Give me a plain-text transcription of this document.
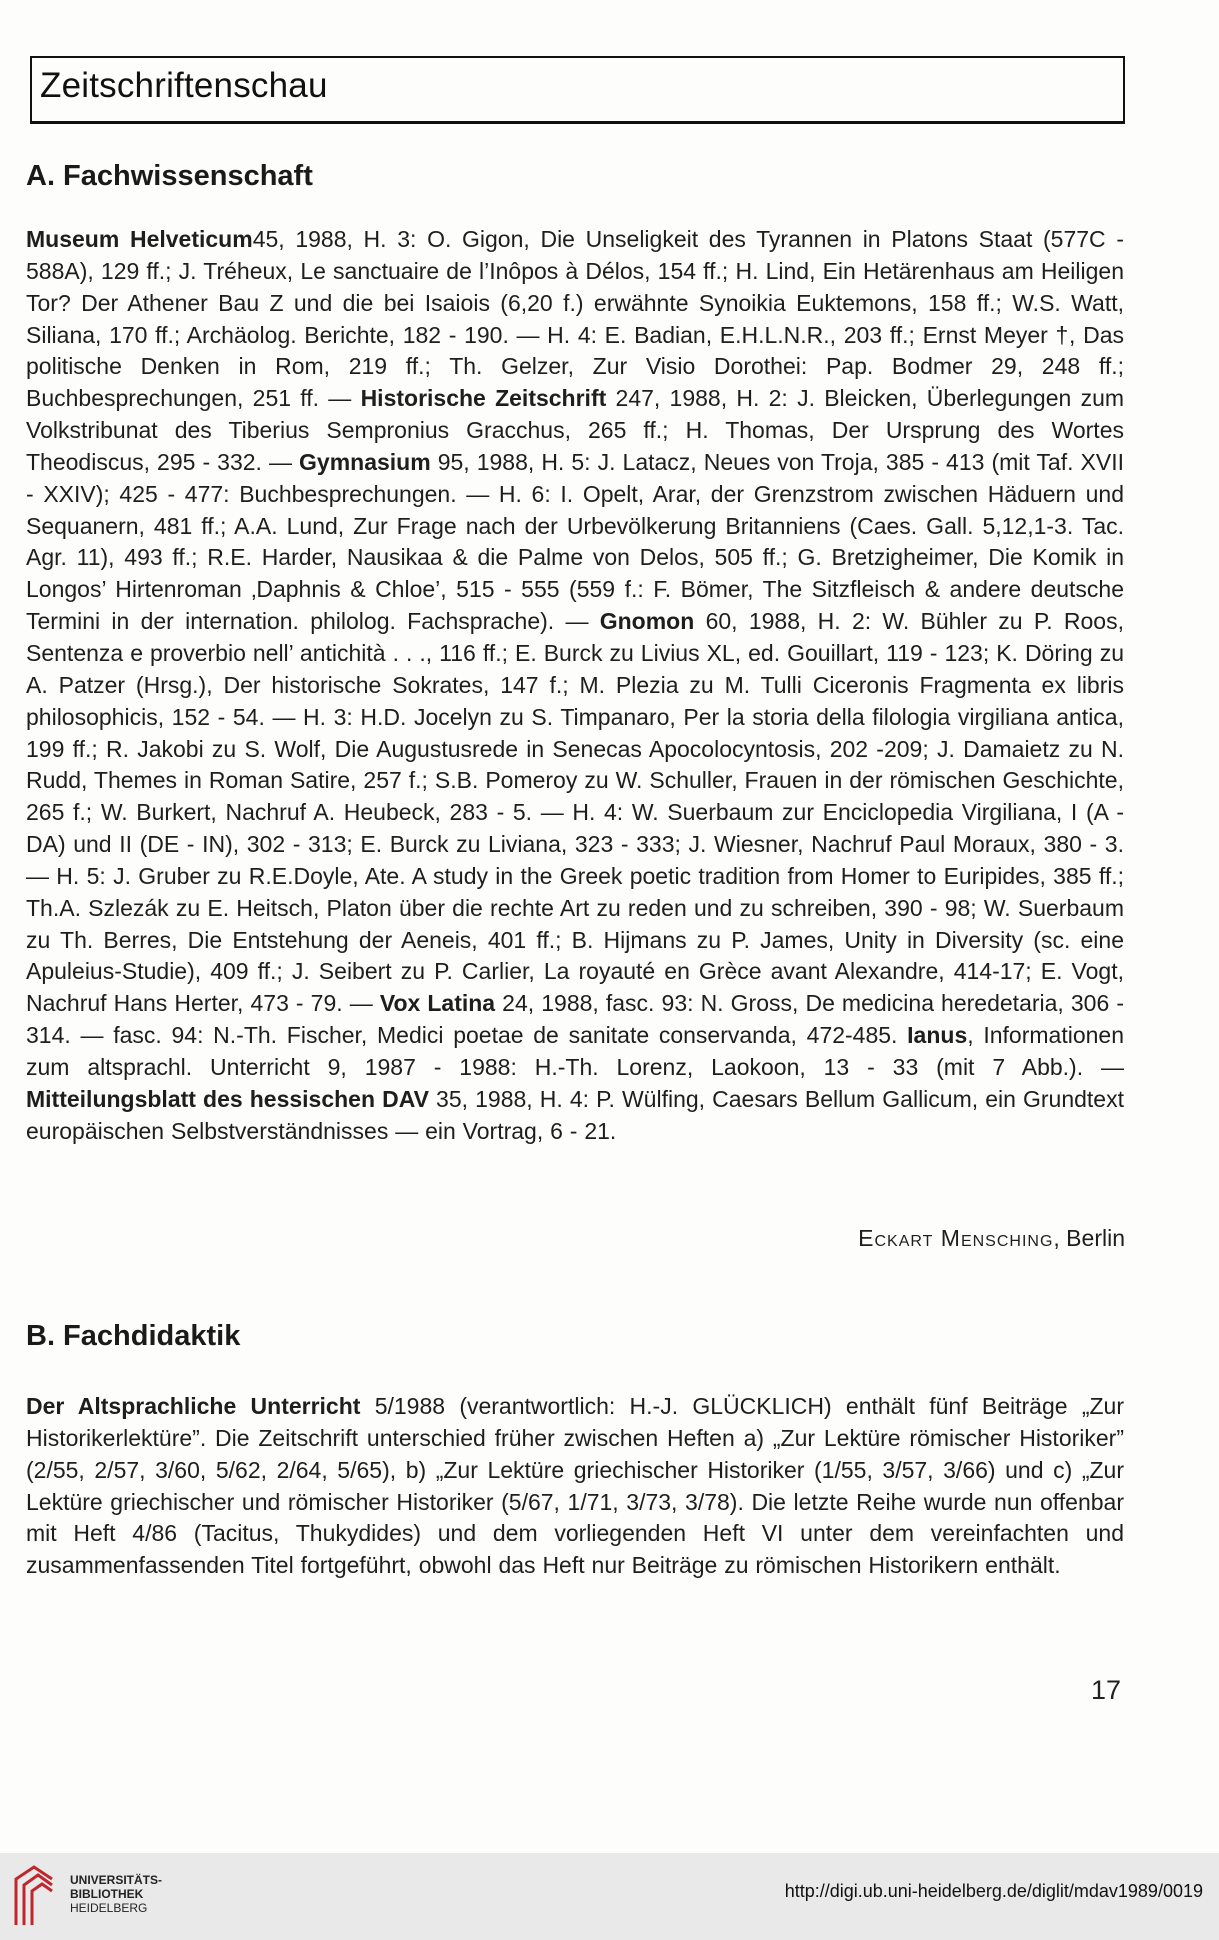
Zeitschriftenschau
A. Fachwissenschaft
Museum Helveticum45, 1988, H. 3: O. Gigon, Die Unseligkeit des Tyrannen in Platons Staat (577C - 588A), 129 ff.; J. Tréheux, Le sanctuaire de l’Inôpos à Délos, 154 ff.; H. Lind, Ein Hetärenhaus am Heiligen Tor? Der Athener Bau Z und die bei Isaiois (6,20 f.) erwähnte Synoikia Euktemons, 158 ff.; W.S. Watt, Siliana, 170 ff.; Archäolog. Berichte, 182 - 190. — H. 4: E. Badian, E.H.L.N.R., 203 ff.; Ernst Meyer †, Das politische Denken in Rom, 219 ff.; Th. Gelzer, Zur Visio Dorothei: Pap. Bodmer 29, 248 ff.; Buchbesprechungen, 251 ff. — Historische Zeitschrift 247, 1988, H. 2: J. Bleicken, Überlegungen zum Volkstribunat des Tiberius Sempronius Gracchus, 265 ff.; H. Thomas, Der Ursprung des Wortes Theodiscus, 295 - 332. — Gymnasium 95, 1988, H. 5: J. Latacz, Neues von Troja, 385 - 413 (mit Taf. XVII - XXIV); 425 - 477: Buchbesprechungen. — H. 6: I. Opelt, Arar, der Grenzstrom zwischen Häduern und Sequanern, 481 ff.; A.A. Lund, Zur Frage nach der Urbevölkerung Britanniens (Caes. Gall. 5,12,1-3. Tac. Agr. 11), 493 ff.; R.E. Harder, Nausikaa & die Palme von Delos, 505 ff.; G. Bretzigheimer, Die Komik in Longos’ Hirtenroman ‚Daphnis & Chloe’, 515 - 555 (559 f.: F. Bömer, The Sitzfleisch & andere deutsche Termini in der internation. philolog. Fachsprache). — Gnomon 60, 1988, H. 2: W. Bühler zu P. Roos, Sentenza e proverbio nell’ antichità . . ., 116 ff.; E. Burck zu Livius XL, ed. Gouillart, 119 - 123; K. Döring zu A. Patzer (Hrsg.), Der historische Sokrates, 147 f.; M. Plezia zu M. Tulli Ciceronis Fragmenta ex libris philosophicis, 152 - 54. — H. 3: H.D. Jocelyn zu S. Timpanaro, Per la storia della filologia virgiliana antica, 199 ff.; R. Jakobi zu S. Wolf, Die Augustusrede in Senecas Apocolocyntosis, 202 -209; J. Damaietz zu N. Rudd, Themes in Roman Satire, 257 f.; S.B. Pomeroy zu W. Schuller, Frauen in der römischen Geschichte, 265 f.; W. Burkert, Nachruf A. Heubeck, 283 - 5. — H. 4: W. Suerbaum zur Enciclopedia Virgiliana, I (A - DA) und II (DE - IN), 302 - 313; E. Burck zu Liviana, 323 - 333; J. Wiesner, Nachruf Paul Moraux, 380 - 3. — H. 5: J. Gruber zu R.E.Doyle, Ate. A study in the Greek poetic tradition from Homer to Euripides, 385 ff.; Th.A. Szlezák zu E. Heitsch, Platon über die rechte Art zu reden und zu schreiben, 390 - 98; W. Suerbaum zu Th. Berres, Die Entstehung der Aeneis, 401 ff.; B. Hijmans zu P. James, Unity in Diversity (sc. eine Apuleius-Studie), 409 ff.; J. Seibert zu P. Carlier, La royauté en Grèce avant Alexandre, 414-17; E. Vogt, Nachruf Hans Herter, 473 - 79. — Vox Latina 24, 1988, fasc. 93: N. Gross, De medicina heredetaria, 306 - 314. — fasc. 94: N.-Th. Fischer, Medici poetae de sanitate conservanda, 472-485. Ianus, Informationen zum altsprachl. Unterricht 9, 1987 - 1988: H.-Th. Lorenz, Laokoon, 13 - 33 (mit 7 Abb.). — Mitteilungsblatt des hessischen DAV 35, 1988, H. 4: P. Wülfing, Caesars Bellum Gallicum, ein Grundtext europäischen Selbstverständnisses — ein Vortrag, 6 - 21.
Eckart Mensching, Berlin
B. Fachdidaktik
Der Altsprachliche Unterricht 5/1988 (verantwortlich: H.-J. GLÜCKLICH) enthält fünf Beiträge „Zur Historikerlektüre”. Die Zeitschrift unterschied früher zwischen Heften a) „Zur Lektüre römischer Historiker” (2/55, 2/57, 3/60, 5/62, 2/64, 5/65), b) „Zur Lektüre griechischer Historiker (1/55, 3/57, 3/66) und c) „Zur Lektüre griechischer und römischer Historiker (5/67, 1/71, 3/73, 3/78). Die letzte Reihe wurde nun offenbar mit Heft 4/86 (Tacitus, Thukydides) und dem vorliegenden Heft VI unter dem vereinfachten und zusammenfassenden Titel fortgeführt, obwohl das Heft nur Beiträge zu römischen Historikern enthält.
17
UNIVERSITÄTS-
BIBLIOTHEK
HEIDELBERG
http://digi.ub.uni-heidelberg.de/diglit/mdav1989/0019
